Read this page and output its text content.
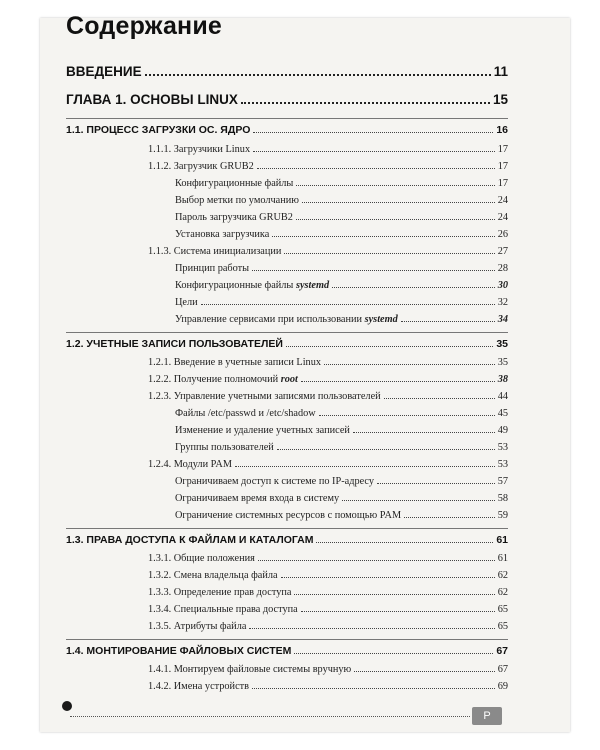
Содержание
ВВЕДЕНИЕ	11
ГЛАВА 1. ОСНОВЫ LINUX	15
1.1. ПРОЦЕСС ЗАГРУЗКИ ОС. ЯДРО	16
1.1.1. Загрузчики Linux	17
1.1.2. Загрузчик GRUB2	17
Конфигурационные файлы	17
Выбор метки по умолчанию	24
Пароль загрузчика GRUB2	24
Установка загрузчика	26
1.1.3. Система инициализации	27
Принцип работы	28
Конфигурационные файлы systemd	30
Цели	32
Управление сервисами при использовании systemd	34
1.2. УЧЕТНЫЕ ЗАПИСИ ПОЛЬЗОВАТЕЛЕЙ	35
1.2.1. Введение в учетные записи Linux	35
1.2.2. Получение полномочий root	38
1.2.3. Управление учетными записями пользователей	44
Файлы /etc/passwd и /etc/shadow	45
Изменение и удаление учетных записей	49
Группы пользователей	53
1.2.4. Модули PAM	53
Ограничиваем доступ к системе по IP-адресу	57
Ограничиваем время входа в систему	58
Ограничение системных ресурсов с помощью PAM	59
1.3. ПРАВА ДОСТУПА К ФАЙЛАМ И КАТАЛОГАМ	61
1.3.1. Общие положения	61
1.3.2. Смена владельца файла	62
1.3.3. Определение прав доступа	62
1.3.4. Специальные права доступа	65
1.3.5. Атрибуты файла	65
1.4. МОНТИРОВАНИЕ ФАЙЛОВЫХ СИСТЕМ	67
1.4.1. Монтируем файловые системы вручную	67
1.4.2. Имена устройств	69
P
